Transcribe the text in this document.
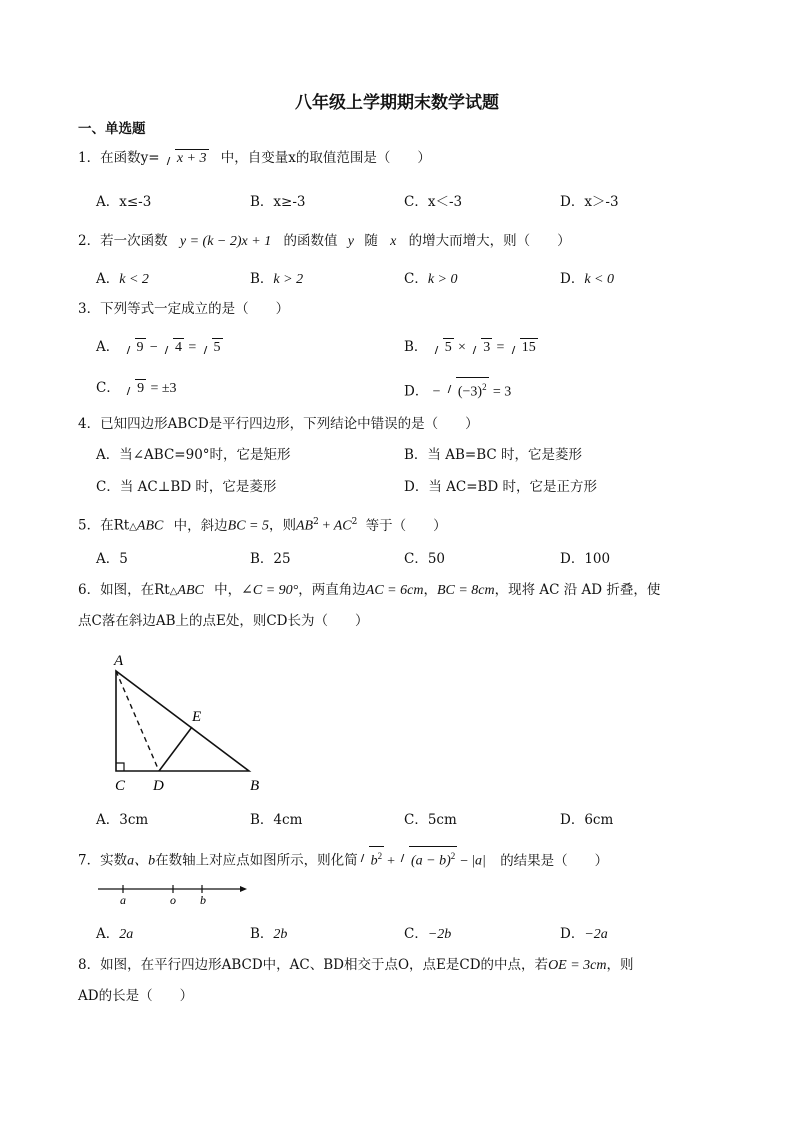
八年级上学期期末数学试题
一、单选题
1．在函数y= x + 3 中，自变量x的取值范围是（　　）
A．x≤-3	B．x≥-3	C．x＜-3	D．x＞-3
2．若一次函数 y = (k − 2)x + 1 的函数值 y 随 x 的增大而增大，则（　　）
A．k < 2	B．k > 2	C．k > 0	D．k < 0
3．下列等式一定成立的是（　　）
A． 9 − 4 = 5	B． 5 × 3 = 15
C． 9 = ±3	D． − $(-3)^2 = 3$
4．已知四边形ABCD是平行四边形，下列结论中错误的是（　　）
A．当∠ABC=90°时，它是矩形	B．当 AB=BC 时，它是菱形
C．当 AC⊥BD 时，它是菱形	D．当 AC=BD 时，它是正方形
5．在Rt△ABC 中，斜边BC = 5，则$AB^2 + AC^2$ 等于（　　）
A．5	B．25	C．50	D．100
6．如图，在Rt△ABC 中，∠C = 90°，两直角边AC = 6cm，BC = 8cm，现将 AC 沿 AD 折叠，使
点C落在斜边AB上的点E处，则CD长为（　　）
A
E
C D	B
A．3cm	B．4cm	C．5cm	D．6cm
7．实数a、b在数轴上对应点如图所示，则化简 $b^2 + (a - b)^2 - |a|$ 的结果是（　　）
a	o b
A．2a	B．2b	C．−2b	D．−2a
8．如图，在平行四边形ABCD中，AC、BD相交于点O，点E是CD的中点，若OE = 3cm，则
AD的长是（　　）
